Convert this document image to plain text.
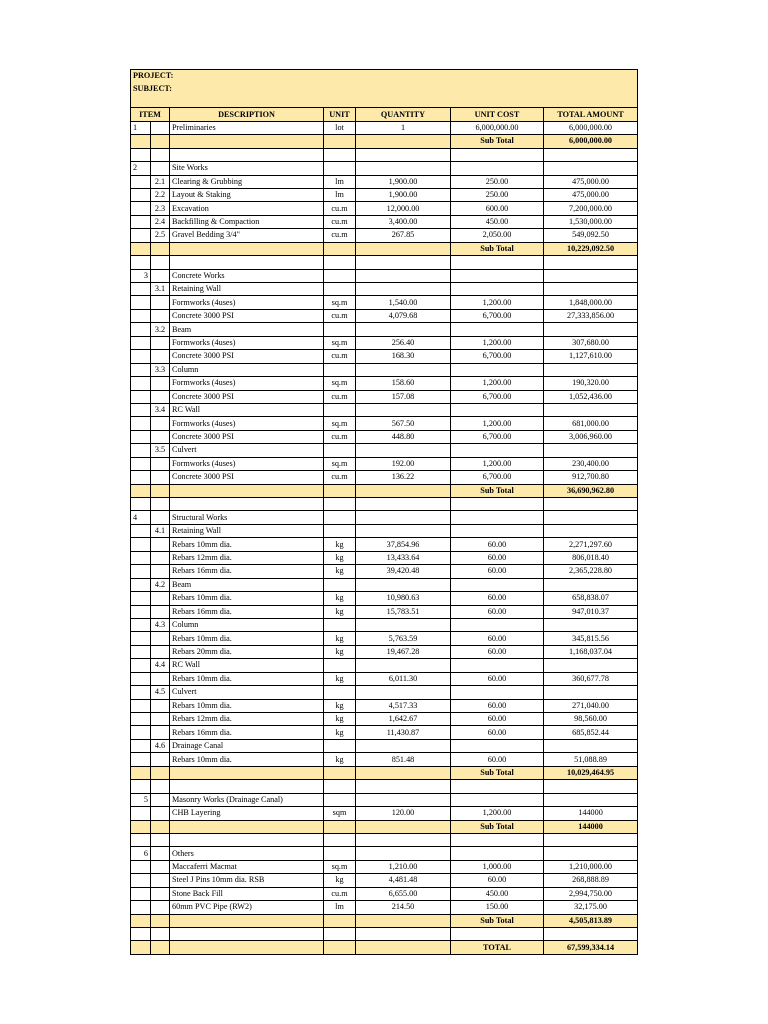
PROJECT:						
SUBJECT:						

ITEM		DESCRIPTION	UNIT	QUANTITY	UNIT COST	TOTAL AMOUNT
1		Preliminaries	lot	1	6,000,000.00	6,000,000.00
					Sub Total	6,000,000.00

2		Site Works				
	2.1	Clearing & Grubbing	lm	1,900.00	250.00	475,000.00
	2.2	Layout & Staking	lm	1,900.00	250.00	475,000.00
	2.3	Excavation	cu.m	12,000.00	600.00	7,200,000.00
	2.4	Backfilling & Compaction	cu.m	3,400.00	450.00	1,530,000.00
	2.5	Gravel Bedding 3/4"	cu.m	267.85	2,050.00	549,092.50
					Sub Total	10,229,092.50

3		Concrete Works				
	3.1	Retaining Wall				
		Formworks (4uses)	sq.m	1,540.00	1,200.00	1,848,000.00
		Concrete 3000 PSI	cu.m	4,079.68	6,700.00	27,333,856.00
	3.2	Beam				
		Formworks (4uses)	sq.m	256.40	1,200.00	307,680.00
		Concrete 3000 PSI	cu.m	168.30	6,700.00	1,127,610.00
	3.3	Column				
		Formworks (4uses)	sq.m	158.60	1,200.00	190,320.00
		Concrete 3000 PSI	cu.m	157.08	6,700.00	1,052,436.00
	3.4	RC Wall				
		Formworks (4uses)	sq.m	567.50	1,200.00	681,000.00
		Concrete 3000 PSI	cu.m	448.80	6,700.00	3,006,960.00
	3.5	Culvert				
		Formworks (4uses)	sq.m	192.00	1,200.00	230,400.00
		Concrete 3000 PSI	cu.m	136.22	6,700.00	912,700.80
					Sub Total	36,690,962.80

4		Structural Works				
	4.1	Retaining Wall				
		Rebars 10mm dia.	kg	37,854.96	60.00	2,271,297.60
		Rebars 12mm dia.	kg	13,433.64	60.00	806,018.40
		Rebars 16mm dia.	kg	39,420.48	60.00	2,365,228.80
	4.2	Beam				
		Rebars 10mm dia.	kg	10,980.63	60.00	658,838.07
		Rebars 16mm dia.	kg	15,783.51	60.00	947,010.37
	4.3	Column				
		Rebars 10mm dia.	kg	5,763.59	60.00	345,815.56
		Rebars 20mm dia.	kg	19,467.28	60.00	1,168,037.04
	4.4	RC Wall				
		Rebars 10mm dia.	kg	6,011.30	60.00	360,677.78
	4.5	Culvert				
		Rebars 10mm dia.	kg	4,517.33	60.00	271,040.00
		Rebars 12mm dia.	kg	1,642.67	60.00	98,560.00
		Rebars 16mm dia.	kg	11,430.87	60.00	685,852.44
	4.6	Drainage Canal				
		Rebars 10mm dia.	kg	851.48	60.00	51,088.89
					Sub Total	10,029,464.95

5		Masonry Works (Drainage Canal)				
		CHB Layering	sqm	120.00	1,200.00	144000
					Sub Total	144000

6		Others				
		Maccaferri Macmat	sq.m	1,210.00	1,000.00	1,210,000.00
		Steel J Pins 10mm dia. RSB	kg	4,481.48	60.00	268,888.89
		Stone Back Fill	cu.m	6,655.00	450.00	2,994,750.00
		60mm PVC Pipe (RW2)	lm	214.50	150.00	32,175.00
					Sub Total	4,505,813.89

					TOTAL	67,599,334.14
